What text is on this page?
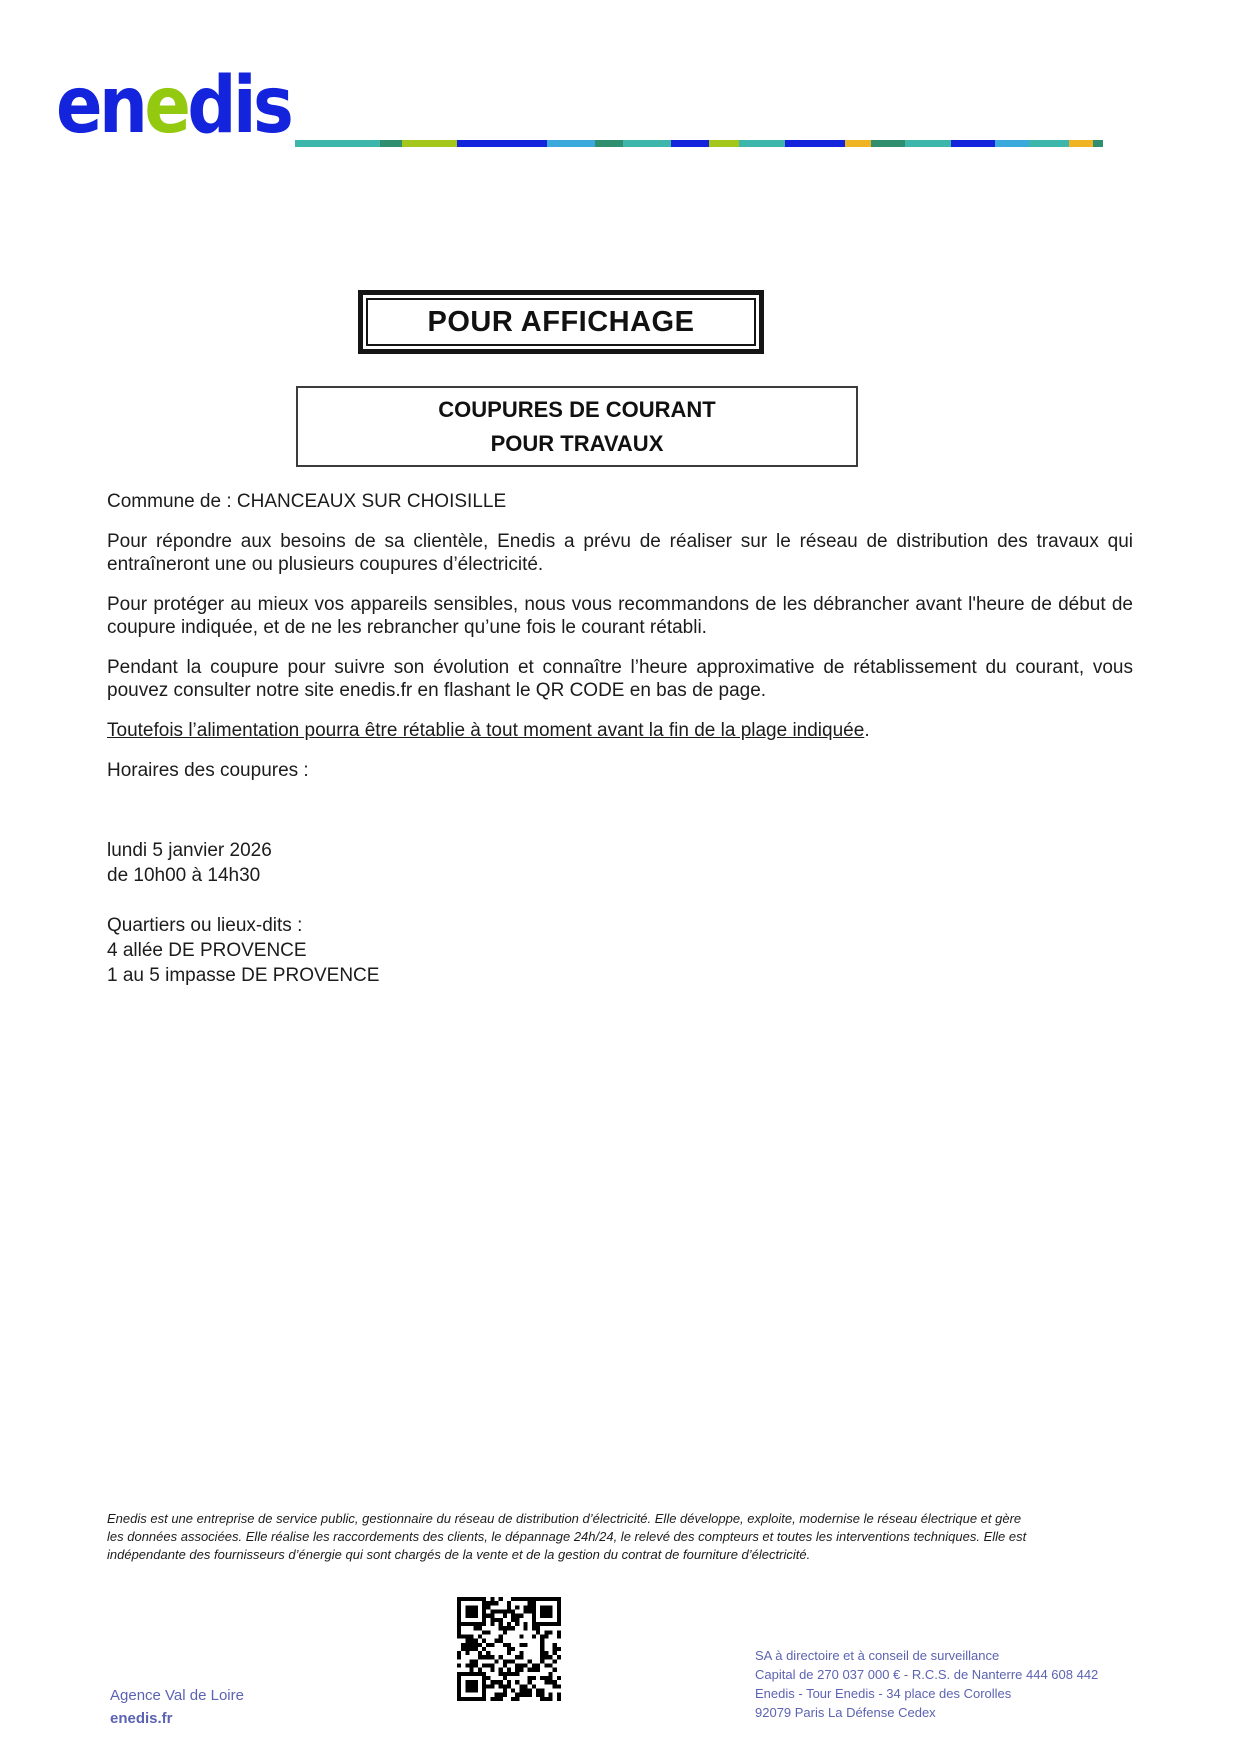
enedis
POUR AFFICHAGE
COUPURES DE COURANT
POUR TRAVAUX
Commune de : CHANCEAUX SUR CHOISILLE
Pour répondre aux besoins de sa clientèle, Enedis a prévu de réaliser sur le réseau de distribution des travaux qui entraîneront une ou plusieurs coupures d’électricité.
Pour protéger au mieux vos appareils sensibles, nous vous recommandons de les débrancher avant l'heure de début de coupure indiquée, et de ne les rebrancher qu’une fois le courant rétabli.
Pendant la coupure pour suivre son évolution et connaître l’heure approximative de rétablissement du courant, vous pouvez consulter notre site enedis.fr en flashant le QR CODE en bas de page.
Toutefois l’alimentation pourra être rétablie à tout moment avant la fin de la plage indiquée.
Horaires des coupures :
lundi 5 janvier 2026
de 10h00 à 14h30
Quartiers ou lieux-dits :
4 allée DE PROVENCE
1 au 5 impasse DE PROVENCE
Enedis est une entreprise de service public, gestionnaire du réseau de distribution d’électricité. Elle développe, exploite, modernise le réseau électrique et gère les données associées. Elle réalise les raccordements des clients, le dépannage 24h/24, le relevé des compteurs et toutes les interventions techniques. Elle est indépendante des fournisseurs d’énergie qui sont chargés de la vente et de la gestion du contrat de fourniture d’électricité.
Agence Val de Loire
enedis.fr
SA à directoire et à conseil de surveillance
Capital de 270 037 000 € - R.C.S. de Nanterre 444 608 442
Enedis - Tour Enedis - 34 place des Corolles
92079 Paris La Défense Cedex
